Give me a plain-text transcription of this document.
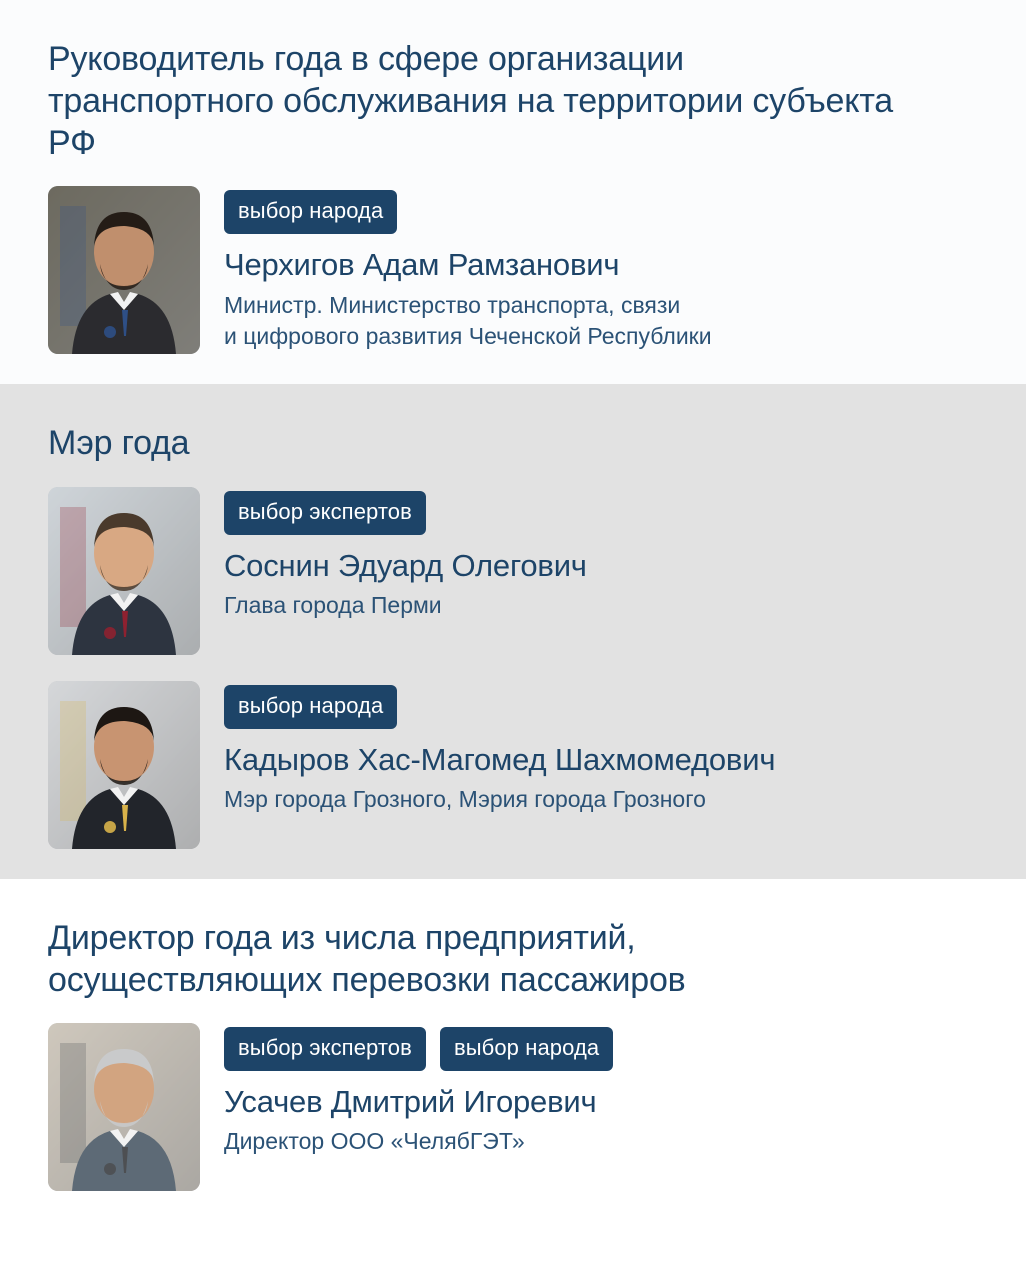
Руководитель года в сфере организации транспортного обслуживания на территории субъекта РФ
выбор народа
Черхигов Адам Рамзанович
Министр. Министерство транспорта, связи
и цифрового развития Чеченской Республики
Мэр года
выбор экспертов
Соснин Эдуард Олегович
Глава города Перми
выбор народа
Кадыров Хас-Магомед Шахмомедович
Мэр города Грозного, Мэрия города Грозного
Директор года из числа предприятий, осуществляющих перевозки пассажиров
выбор экспертов	выбор народа
Усачев Дмитрий Игоревич
Директор ООО «ЧелябГЭТ»
